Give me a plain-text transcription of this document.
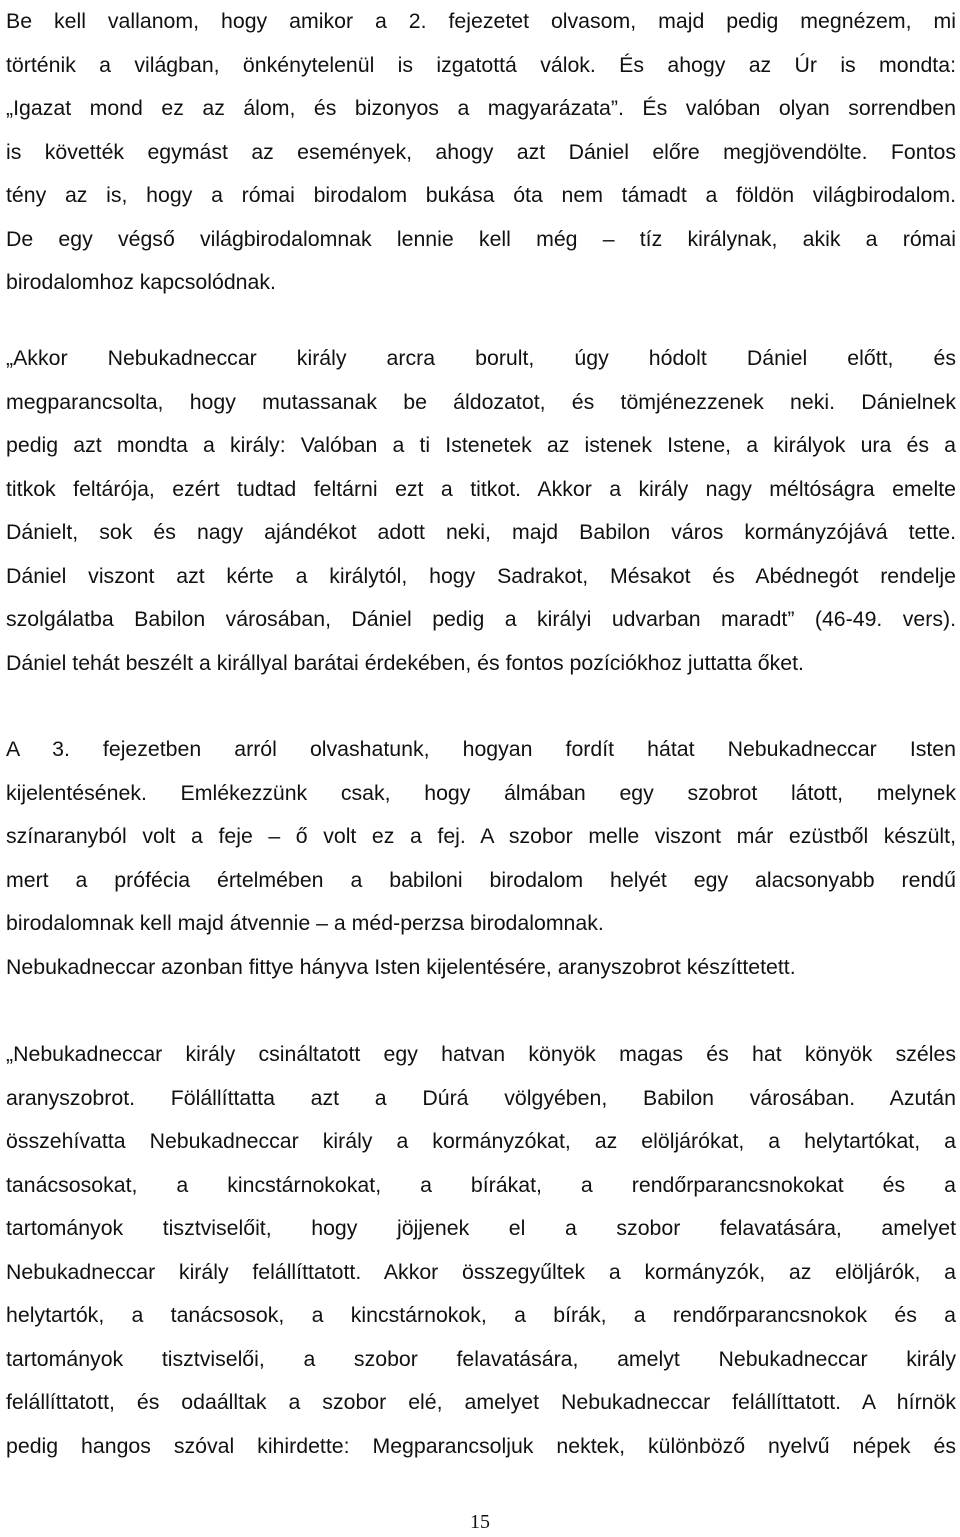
Be kell vallanom, hogy amikor a 2. fejezetet olvasom, majd pedig megnézem, mi
történik a világban, önkénytelenül is izgatottá válok. És ahogy az Úr is mondta:
„Igazat mond ez az álom, és bizonyos a magyarázata”. És valóban olyan sorrendben
is követték egymást az események, ahogy azt Dániel előre megjövendölte. Fontos
tény az is, hogy a római birodalom bukása óta nem támadt a földön világbirodalom.
De egy végső világbirodalomnak lennie kell még – tíz királynak, akik a római
birodalomhoz kapcsolódnak.
„Akkor Nebukadneccar király arcra borult, úgy hódolt Dániel előtt, és
megparancsolta, hogy mutassanak be áldozatot, és tömjénezzenek neki. Dánielnek
pedig azt mondta a király: Valóban a ti Istenetek az istenek Istene, a királyok ura és a
titkok feltárója, ezért tudtad feltárni ezt a titkot. Akkor a király nagy méltóságra emelte
Dánielt, sok és nagy ajándékot adott neki, majd Babilon város kormányzójává tette.
Dániel viszont azt kérte a királytól, hogy Sadrakot, Mésakot és Abédnegót rendelje
szolgálatba Babilon városában, Dániel pedig a királyi udvarban maradt” (46-49. vers).
Dániel tehát beszélt a királlyal barátai érdekében, és fontos pozíciókhoz juttatta őket.
A 3. fejezetben arról olvashatunk, hogyan fordít hátat Nebukadneccar Isten
kijelentésének. Emlékezzünk csak, hogy álmában egy szobrot látott, melynek
színaranyból volt a feje – ő volt ez a fej. A szobor melle viszont már ezüstből készült,
mert a prófécia értelmében a babiloni birodalom helyét egy alacsonyabb rendű
birodalomnak kell majd átvennie – a méd-perzsa birodalomnak.
Nebukadneccar azonban fittye hányva Isten kijelentésére, aranyszobrot készíttetett.
„Nebukadneccar király csináltatott egy hatvan könyök magas és hat könyök széles
aranyszobrot. Fölállíttatta azt a Dúrá völgyében, Babilon városában. Azután
összehívatta Nebukadneccar király a kormányzókat, az elöljárókat, a helytartókat, a
tanácsosokat, a kincstárnokokat, a bírákat, a rendőrparancsnokokat és a
tartományok tisztviselőit, hogy jöjjenek el a szobor felavatására, amelyet
Nebukadneccar király felállíttatott. Akkor összegyűltek a kormányzók, az elöljárók, a
helytartók, a tanácsosok, a kincstárnokok, a bírák, a rendőrparancsnokok és a
tartományok tisztviselői, a szobor felavatására, amelyt Nebukadneccar király
felállíttatott, és odaálltak a szobor elé, amelyet Nebukadneccar felállíttatott. A hírnök
pedig hangos szóval kihirdette: Megparancsoljuk nektek, különböző nyelvű népek és
15
